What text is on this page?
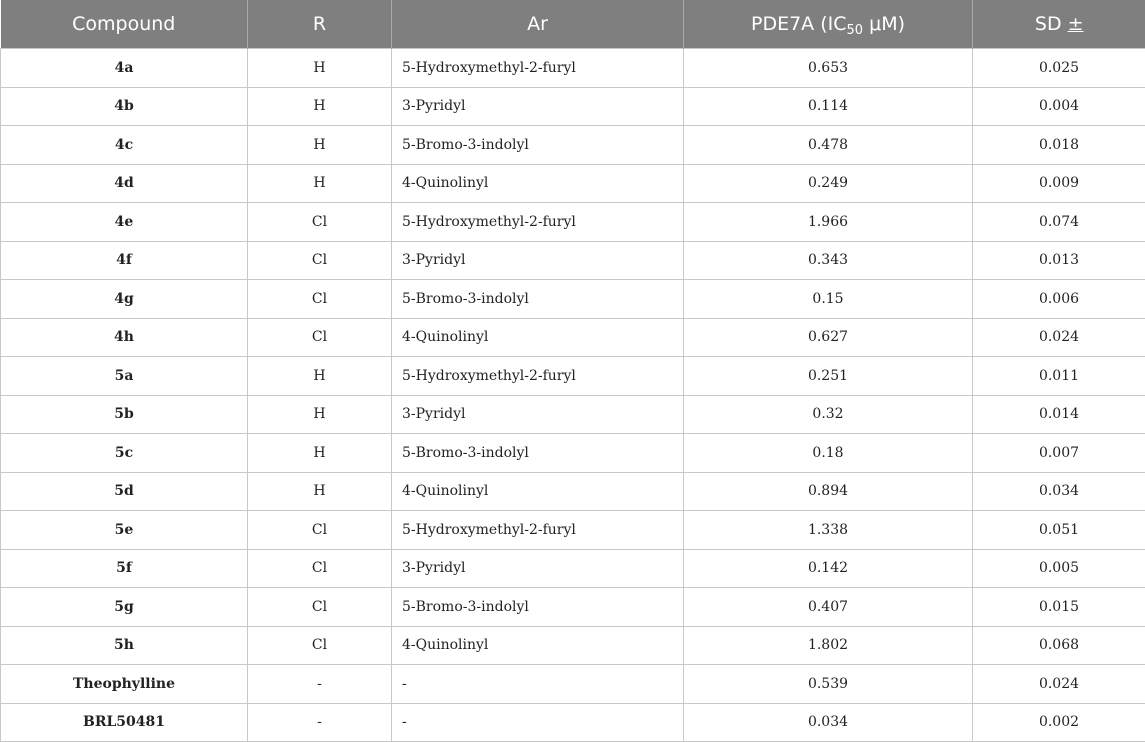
Compound	R	Ar	PDE7A ($IC_{50}$ μM)	SD ±
4a	H	5-Hydroxymethyl-2-furyl	0.653	0.025
4b	H	3-Pyridyl	0.114	0.004
4c	H	5-Bromo-3-indolyl	0.478	0.018
4d	H	4-Quinolinyl	0.249	0.009
4e	Cl	5-Hydroxymethyl-2-furyl	1.966	0.074
4f	Cl	3-Pyridyl	0.343	0.013
4g	Cl	5-Bromo-3-indolyl	0.15	0.006
4h	Cl	4-Quinolinyl	0.627	0.024
5a	H	5-Hydroxymethyl-2-furyl	0.251	0.011
5b	H	3-Pyridyl	0.32	0.014
5c	H	5-Bromo-3-indolyl	0.18	0.007
5d	H	4-Quinolinyl	0.894	0.034
5e	Cl	5-Hydroxymethyl-2-furyl	1.338	0.051
5f	Cl	3-Pyridyl	0.142	0.005
5g	Cl	5-Bromo-3-indolyl	0.407	0.015
5h	Cl	4-Quinolinyl	1.802	0.068
Theophylline	-	-	0.539	0.024
BRL50481	-	-	0.034	0.002
